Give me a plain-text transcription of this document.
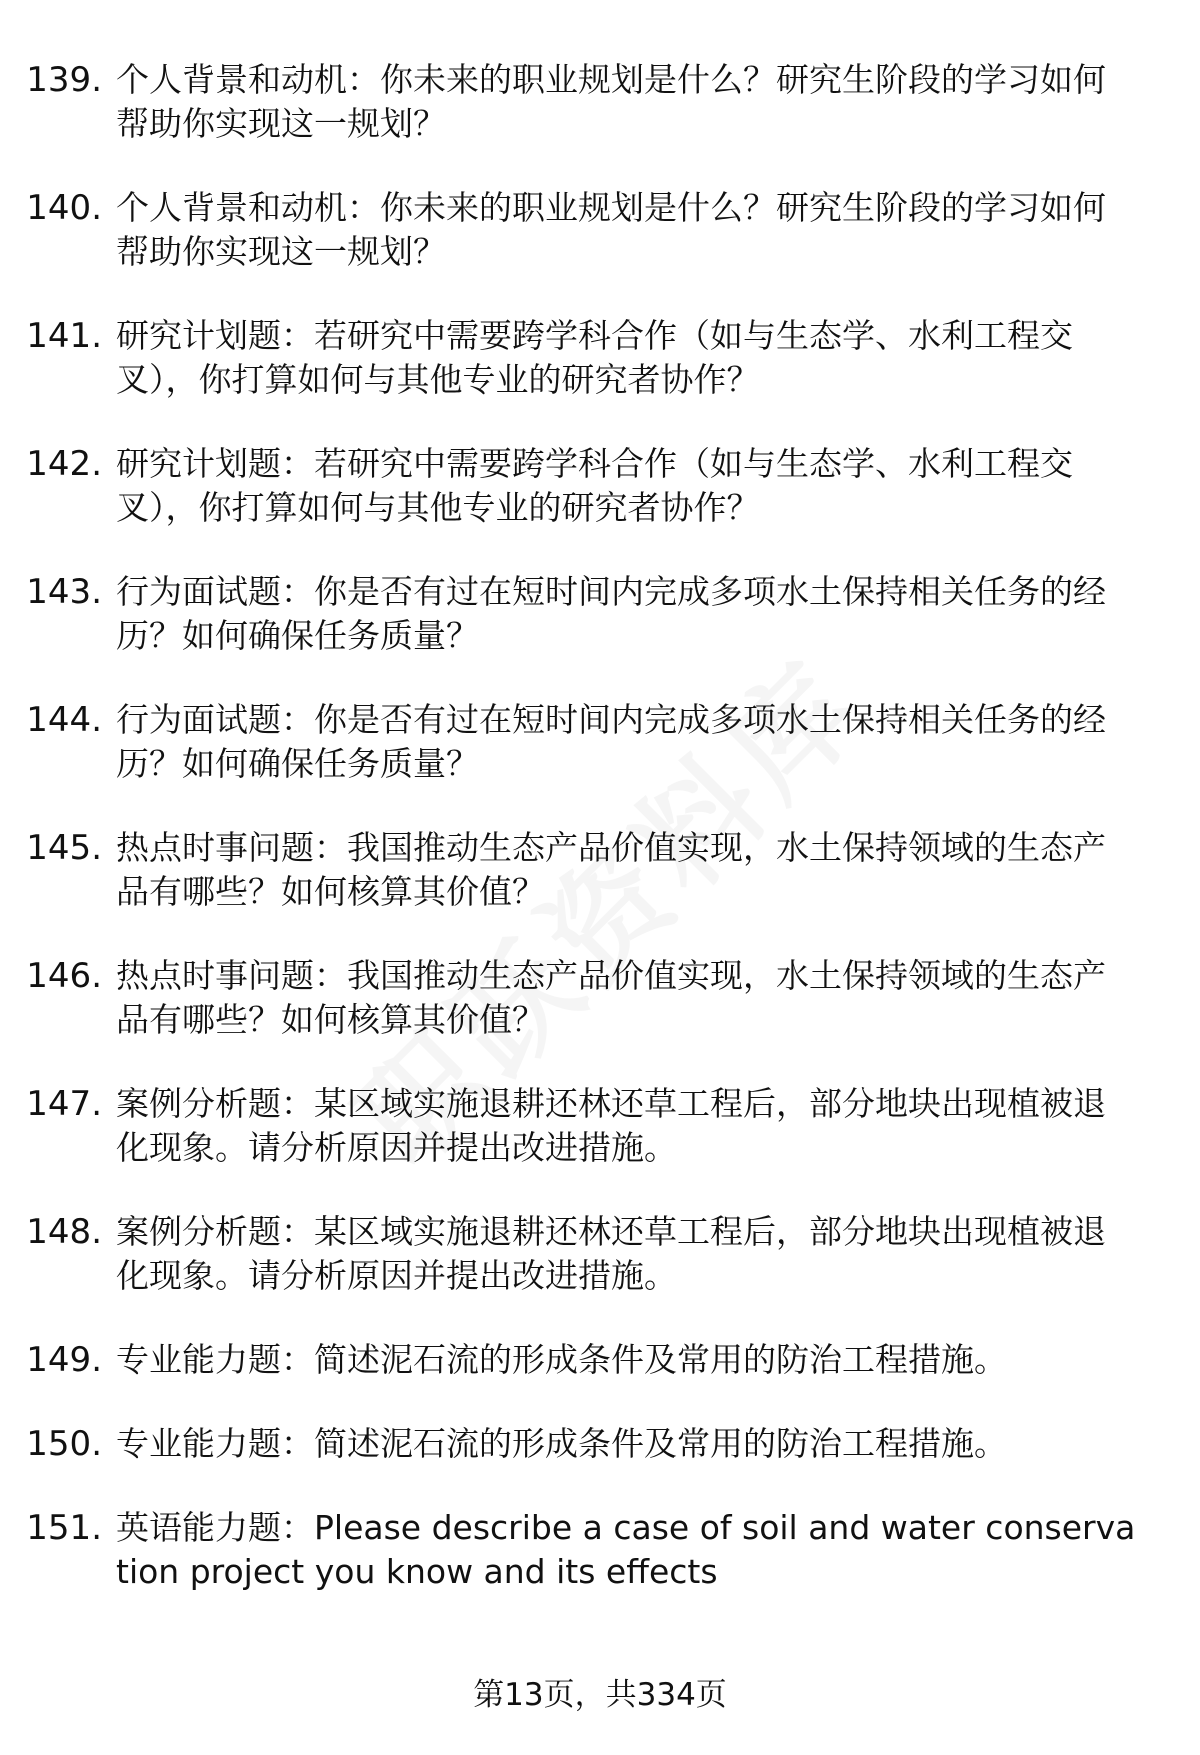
139. 个人背景和动机：你未来的职业规划是什么？研究生阶段的学习如何帮助你实现这一规划？
140. 个人背景和动机：你未来的职业规划是什么？研究生阶段的学习如何帮助你实现这一规划？
141. 研究计划题：若研究中需要跨学科合作（如与生态学、水利工程交叉），你打算如何与其他专业的研究者协作？
142. 研究计划题：若研究中需要跨学科合作（如与生态学、水利工程交叉），你打算如何与其他专业的研究者协作？
143. 行为面试题：你是否有过在短时间内完成多项水土保持相关任务的经历？如何确保任务质量？
144. 行为面试题：你是否有过在短时间内完成多项水土保持相关任务的经历？如何确保任务质量？
145. 热点时事问题：我国推动生态产品价值实现，水土保持领域的生态产品有哪些？如何核算其价值？
146. 热点时事问题：我国推动生态产品价值实现，水土保持领域的生态产品有哪些？如何核算其价值？
147. 案例分析题：某区域实施退耕还林还草工程后，部分地块出现植被退化现象。请分析原因并提出改进措施。
148. 案例分析题：某区域实施退耕还林还草工程后，部分地块出现植被退化现象。请分析原因并提出改进措施。
149. 专业能力题：简述泥石流的形成条件及常用的防治工程措施。
150. 专业能力题：简述泥石流的形成条件及常用的防治工程措施。
151. 英语能力题：Please describe a case of soil and water conservation project you know and its effects
第13页，共334页
